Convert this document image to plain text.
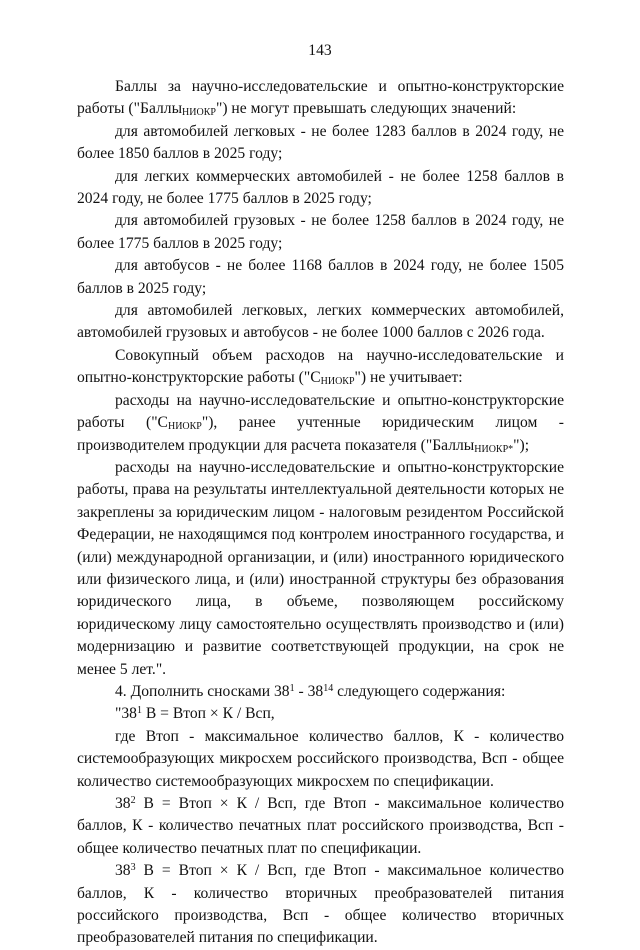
143

Баллы за научно-исследовательские и опытно-конструкторские работы ("Баллы$_{НИОКР}$") не могут превышать следующих значений:

для автомобилей легковых - не более 1283 баллов в 2024 году, не более 1850 баллов в 2025 году;

для легких коммерческих автомобилей - не более 1258 баллов в 2024 году, не более 1775 баллов в 2025 году;

для автомобилей грузовых - не более 1258 баллов в 2024 году, не более 1775 баллов в 2025 году;

для автобусов - не более 1168 баллов в 2024 году, не более 1505 баллов в 2025 году;

для автомобилей легковых, легких коммерческих автомобилей, автомобилей грузовых и автобусов - не более 1000 баллов с 2026 года.

Совокупный объем расходов на научно-исследовательские и опытно-конструкторские работы $("С_{НИОКР}")$ не учитывает:

расходы на научно-исследовательские и опытно-конструкторские работы $("С_{НИОКР}")$, ранее учтенные юридическим лицом - производителем продукции для расчета показателя ("Баллы$_{НИОКР*}$");

расходы на научно-исследовательские и опытно-конструкторские работы, права на результаты интеллектуальной деятельности которых не закреплены за юридическим лицом - налоговым резидентом Российской Федерации, не находящимся под контролем иностранного государства, и (или) международной организации, и (или) иностранного юридического или физического лица, и (или) иностранной структуры без образования юридического лица, в объеме, позволяющем российскому юридическому лицу самостоятельно осуществлять производство и (или) модернизацию и развитие соответствующей продукции, на срок не менее 5 лет.".

4. Дополнить сносками $38^1 - 38^{14}$ следующего содержания:

"$38^1$ В = Втоп × К / Всп,

где Втоп - максимальное количество баллов, К - количество системообразующих микросхем российского производства, Всп - общее количество системообразующих микросхем по спецификации.

$38^2$ В = Втоп × К / Всп, где Втоп - максимальное количество баллов, К - количество печатных плат российского производства, Всп - общее количество печатных плат по спецификации.

$38^3$ В = Втоп × К / Всп, где Втоп - максимальное количество баллов, К - количество вторичных преобразователей питания российского производства, Всп - общее количество вторичных преобразователей питания по спецификации.
